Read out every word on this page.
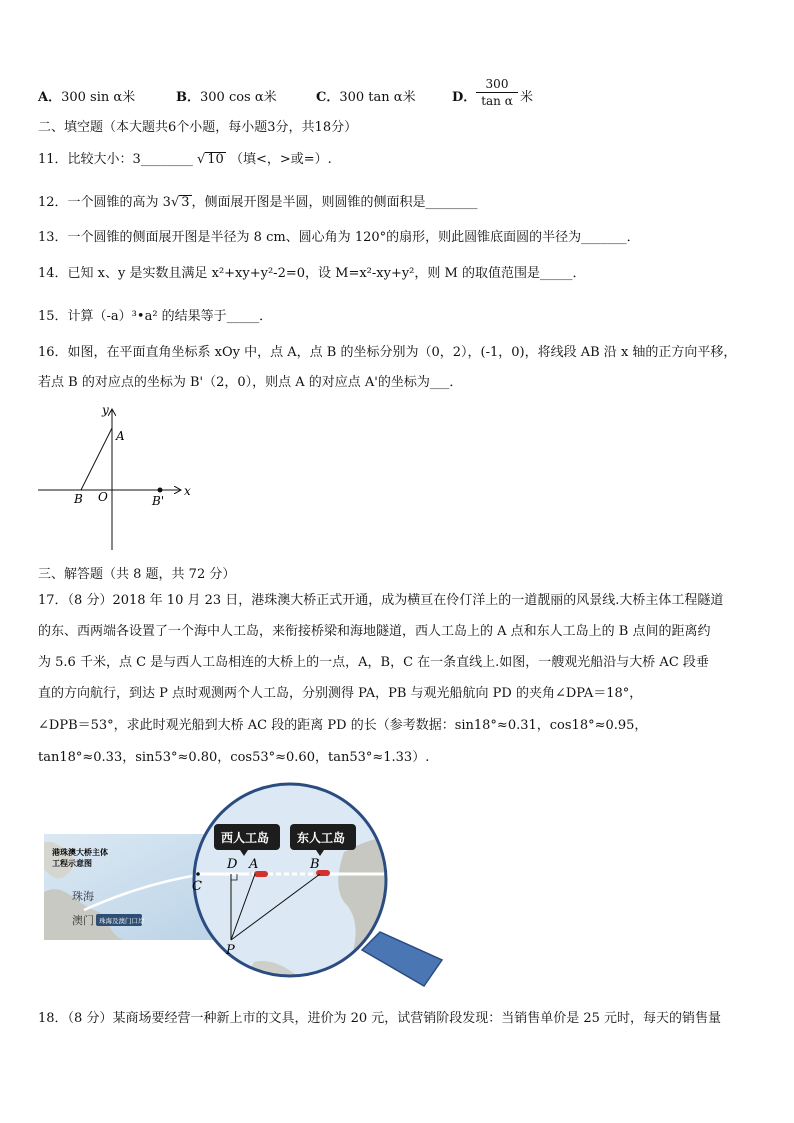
A．300 sin α米	B．300 cos α米	C．300 tan α米	D． $\frac{300}{\text{tan α}}$ 米
二、填空题（本大题共6个小题，每小题3分，共18分）
11．比较大小：3________ √ 10 （填<，>或=）.
12．一个圆锥的高为 3√ 3 ，侧面展开图是半圆，则圆锥的侧面积是________
13．一个圆锥的侧面展开图是半径为 8 cm、圆心角为 120°的扇形，则此圆锥底面圆的半径为_______．
14．已知 x、y 是实数且满足 x²+xy+y²-2=0，设 M=x²-xy+y²，则 M 的取值范围是_____．
15．计算（-a）³•a² 的结果等于_____．
16．如图，在平面直角坐标系 xOy 中，点 A，点 B 的坐标分别为（0，2），(-1，0)，将线段 AB 沿 x 轴的正方向平移，
若点 B 的对应点的坐标为 B'（2，0），则点 A 的对应点 A'的坐标为___．
y
x
A
B O	B'
三、解答题（共 8 题，共 72 分）
17．（8 分）2018 年 10 月 23 日，港珠澳大桥正式开通，成为横亘在伶仃洋上的一道靓丽的风景线.大桥主体工程隧道
的东、西两端各设置了一个海中人工岛，来衔接桥梁和海地隧道，西人工岛上的 A 点和东人工岛上的 B 点间的距离约
为 5.6 千米，点 C 是与西人工岛相连的大桥上的一点，A，B，C 在一条直线上.如图，一艘观光船沿与大桥 AC 段垂
直的方向航行，到达 P 点时观测两个人工岛，分别测得 PA，PB 与观光船航向 PD 的夹角∠DPA＝18°，
∠DPB＝53°，求此时观光船到大桥 AC 段的距离 PD 的长（参考数据：sin18°≈0.31，cos18°≈0.95，
tan18°≈0.33，sin53°≈0.80，cos53°≈0.60，tan53°≈1.33）.
港珠澳大桥主体
工程示意图
珠海
澳门 珠海及澳门口岸
西人工岛 东人工岛
C
D A	B
P
18．（8 分）某商场要经营一种新上市的文具，进价为 20 元，试营销阶段发现：当销售单价是 25 元时，每天的销售量
